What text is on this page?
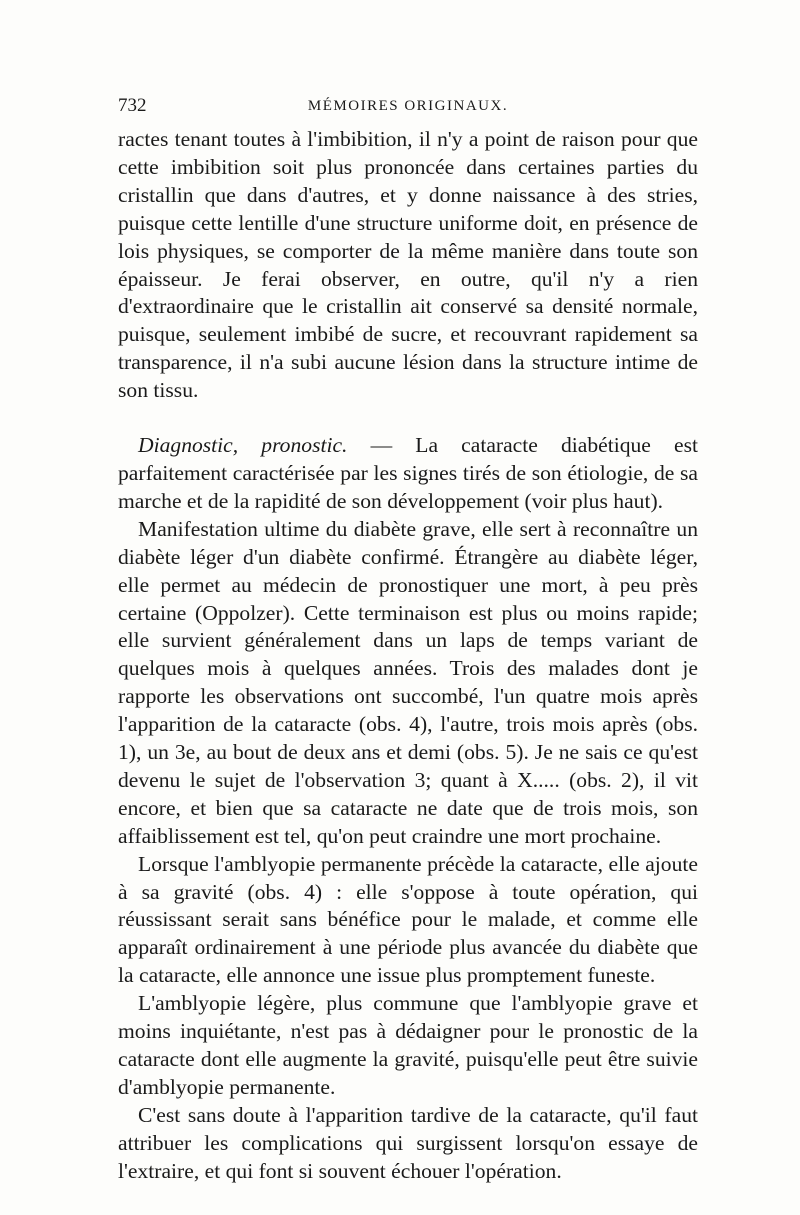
732	MÉMOIRES ORIGINAUX.

ractes tenant toutes à l'imbibition, il n'y a point de raison pour que cette imbibition soit plus prononcée dans certaines parties du cristallin que dans d'autres, et y donne naissance à des stries, puisque cette lentille d'une structure uniforme doit, en présence de lois physiques, se comporter de la même manière dans toute son épaisseur. Je ferai observer, en outre, qu'il n'y a rien d'extraordinaire que le cristallin ait conservé sa densité normale, puisque, seulement imbibé de sucre, et recouvrant rapidement sa transparence, il n'a subi aucune lésion dans la structure intime de son tissu.

Diagnostic, pronostic. — La cataracte diabétique est parfaitement caractérisée par les signes tirés de son étiologie, de sa marche et de la rapidité de son développement (voir plus haut).

Manifestation ultime du diabète grave, elle sert à reconnaître un diabète léger d'un diabète confirmé. Étrangère au diabète léger, elle permet au médecin de pronostiquer une mort, à peu près certaine (Oppolzer). Cette terminaison est plus ou moins rapide; elle survient généralement dans un laps de temps variant de quelques mois à quelques années. Trois des malades dont je rapporte les observations ont succombé, l'un quatre mois après l'apparition de la cataracte (obs. 4), l'autre, trois mois après (obs. 1), un 3e, au bout de deux ans et demi (obs. 5). Je ne sais ce qu'est devenu le sujet de l'observation 3; quant à X..... (obs. 2), il vit encore, et bien que sa cataracte ne date que de trois mois, son affaiblissement est tel, qu'on peut craindre une mort prochaine.

Lorsque l'amblyopie permanente précède la cataracte, elle ajoute à sa gravité (obs. 4) : elle s'oppose à toute opération, qui réussissant serait sans bénéfice pour le malade, et comme elle apparaît ordinairement à une période plus avancée du diabète que la cataracte, elle annonce une issue plus promptement funeste.

L'amblyopie légère, plus commune que l'amblyopie grave et moins inquiétante, n'est pas à dédaigner pour le pronostic de la cataracte dont elle augmente la gravité, puisqu'elle peut être suivie d'amblyopie permanente.

C'est sans doute à l'apparition tardive de la cataracte, qu'il faut attribuer les complications qui surgissent lorsqu'on essaye de l'extraire, et qui font si souvent échouer l'opération.
